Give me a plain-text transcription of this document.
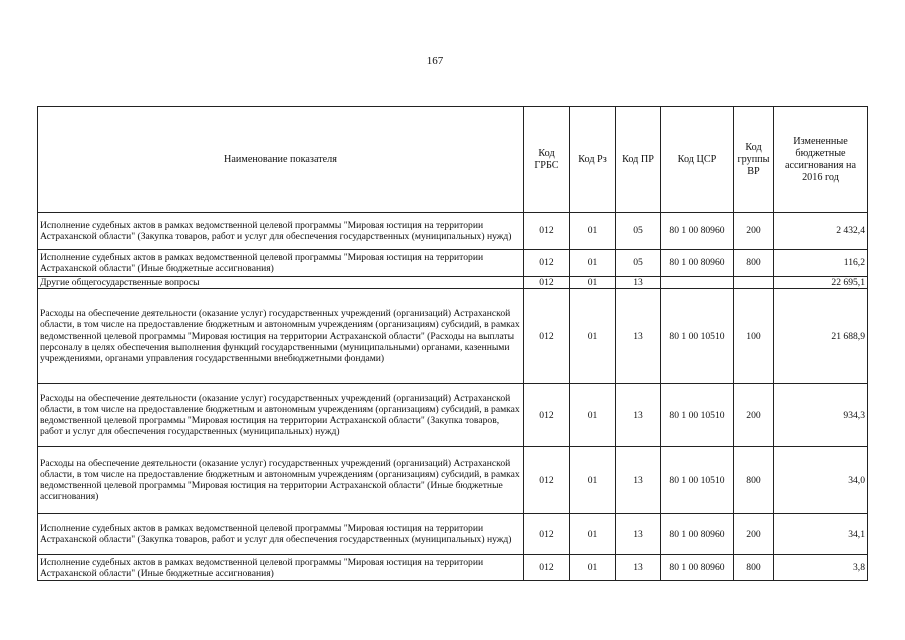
167
Наименование показателя	Код ГРБС	Код Рз	Код ПР	Код ЦСР	Код группы ВР	Измененные бюджетные ассигнования на 2016 год
Исполнение судебных актов в рамках ведомственной целевой программы "Мировая юстиция на территории Астраханской области" (Закупка товаров, работ и услуг для обеспечения государственных (муниципальных) нужд)	012	01	05	80 1 00 80960	200	2 432,4
Исполнение судебных актов в рамках ведомственной целевой программы "Мировая юстиция на территории Астраханской области" (Иные бюджетные ассигнования)	012	01	05	80 1 00 80960	800	116,2
Другие общегосударственные вопросы	012	01	13			22 695,1
Расходы на обеспечение деятельности (оказание услуг) государственных учреждений (организаций) Астраханской области, в том числе на предоставление бюджетным и автономным учреждениям (организациям) субсидий, в рамках ведомственной целевой программы "Мировая юстиция на территории Астраханской области" (Расходы на выплаты персоналу в целях обеспечения выполнения функций государственными (муниципальными) органами, казенными учреждениями, органами управления государственными внебюджетными фондами)	012	01	13	80 1 00 10510	100	21 688,9
Расходы на обеспечение деятельности (оказание услуг) государственных учреждений (организаций) Астраханской области, в том числе на предоставление бюджетным и автономным учреждениям (организациям) субсидий, в рамках ведомственной целевой программы "Мировая юстиция на территории Астраханской области" (Закупка товаров, работ и услуг для обеспечения государственных (муниципальных) нужд)	012	01	13	80 1 00 10510	200	934,3
Расходы на обеспечение деятельности (оказание услуг) государственных учреждений (организаций) Астраханской области, в том числе на предоставление бюджетным и автономным учреждениям (организациям) субсидий, в рамках ведомственной целевой программы "Мировая юстиция на территории Астраханской области" (Иные бюджетные ассигнования)	012	01	13	80 1 00 10510	800	34,0
Исполнение судебных актов в рамках ведомственной целевой программы "Мировая юстиция на территории Астраханской области" (Закупка товаров, работ и услуг для обеспечения государственных (муниципальных) нужд)	012	01	13	80 1 00 80960	200	34,1
Исполнение судебных актов в рамках ведомственной целевой программы "Мировая юстиция на территории Астраханской области" (Иные бюджетные ассигнования)	012	01	13	80 1 00 80960	800	3,8
